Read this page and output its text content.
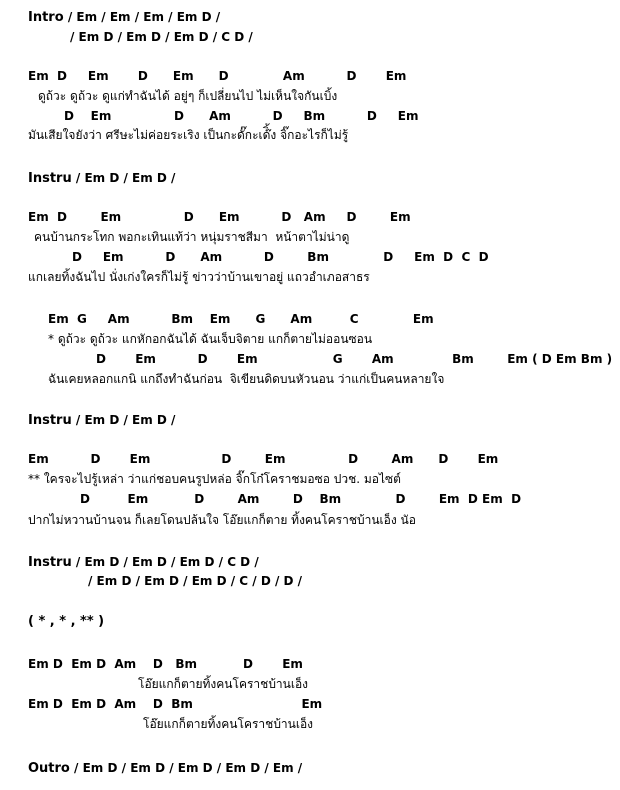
Intro / Em / Em / Em / Em D /
/ Em D / Em D / Em D / C D /
Em  D     Em       D      Em      D             Am          D       Em
ดูถ้วะ ดูถ้วะ ดูแก่ทำฉันได้ อยู่ๆ ก็เปลี่ยนไป ไม่เห็นใจกันเบิ้ง
D    Em               D      Am          D     Bm          D     Em
มันเสียใจยังว่า ศรีษะไม่ค่อยระเริง เป็นกะดั๊กะเด๊ิ้ง จิ๊กอะไรก็ไม่รู้
Instru / Em D / Em D /
Em  D        Em               D      Em          D   Am     D        Em
คนบ้านกระโทก พอกะเทินแท้ว่า หนุ่มราชสีมา  หน้าตาไม่น่าดู
D     Em          D      Am          D        Bm             D     Em  D  C  D
แกเลยทิ้งฉันไป นั่งเก่งใครก็ไม่รู้ ข่าวว่าบ้านเขาอยู่ แถวอำเภอสาธร
Em  G     Am          Bm    Em      G      Am         C             Em
* ดูถ้วะ ดูถ้วะ แกหักอกฉันได้ ฉันเจ็บจิตาย แกก็ตายไม่ออนซอน
D       Em          D       Em                  G       Am              Bm        Em ( D Em Bm )
ฉันเคยหลอกแกนิ แกถึงทำฉันก่อน  จิเขียนดิดบนหัวนอน ว่าแก่เป็นคนหลายใจ
Instru / Em D / Em D /
Em          D       Em                 D        Em               D        Am      D       Em
** ใครจะไปรู้เหล่า ว่าแก่ชอบคนรูปหล่อ จิ๊กโก๋โคราชมอซอ ปวช. มอไซต์
D         Em           D        Am        D    Bm             D        Em  D Em  D
ปากไม่หวานบ้านจน ก็เลยโดนปล้นใจ โอ๊ยแกก็ตาย ทิ้งคนโคราชบ้านเอ็ง นัอ
Instru / Em D / Em D / Em D / C D /
/ Em D / Em D / Em D / C / D / D /
( * , * , ** )
Em D  Em D  Am    D   Bm           D       Em
โอ๊ยแกก็ตายทิ้งคนโคราชบ้านเอ็ง
Em D  Em D  Am    D  Bm                          Em
โอ๊ยแกก็ตายทิ้งคนโคราชบ้านเอ็ง
Outro / Em D / Em D / Em D / Em D / Em /
